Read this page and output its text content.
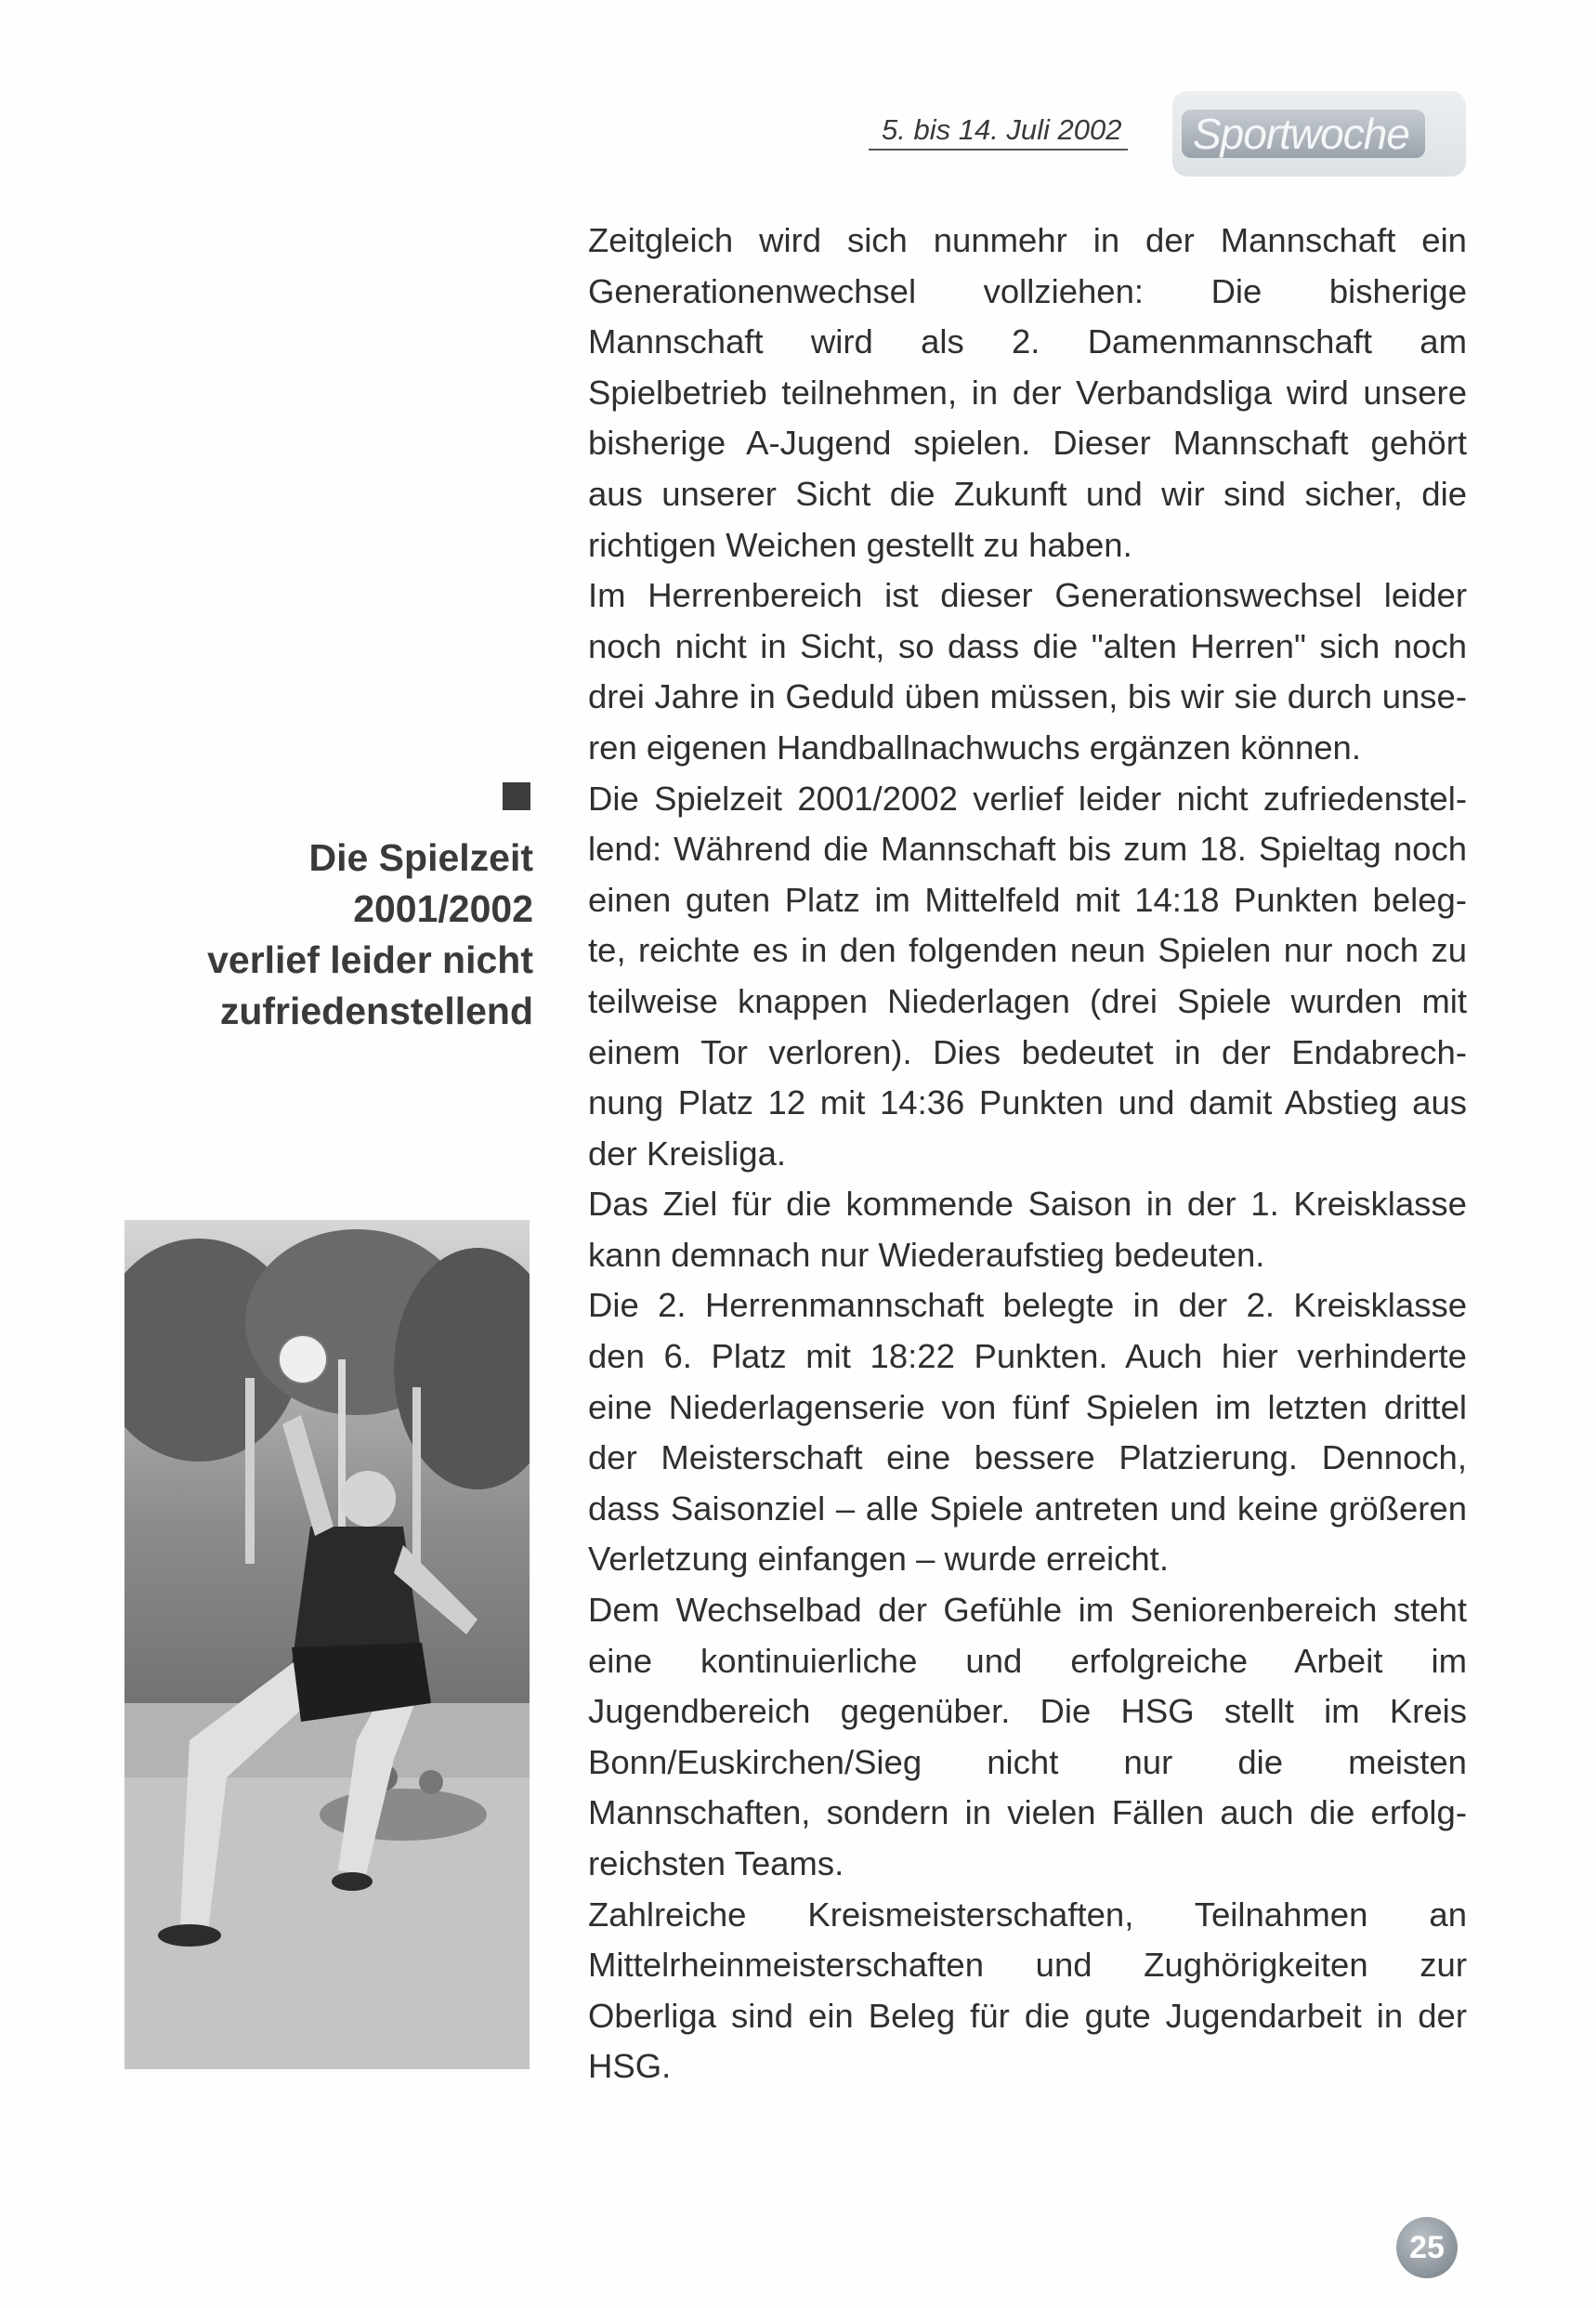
5. bis 14. Juli 2002 Sportwoche
Die Spielzeit
2001/2002
verlief leider nicht
zufriedenstellend
Zeitgleich wird sich nunmehr in der Mannschaft ein
Generationenwechsel vollziehen: Die bisherige
Mannschaft wird als 2. Damenmannschaft am
Spielbetrieb teilnehmen, in der Verbandsliga wird unsere
bisherige A-Jugend spielen. Dieser Mannschaft gehört
aus unserer Sicht die Zukunft und wir sind sicher, die
richtigen Weichen gestellt zu haben.
Im Herrenbereich ist dieser Generationswechsel leider
noch nicht in Sicht, so dass die "alten Herren" sich noch
drei Jahre in Geduld üben müssen, bis wir sie durch unse-
ren eigenen Handballnachwuchs ergänzen können.
Die Spielzeit 2001/2002 verlief leider nicht zufriedenstel-
lend: Während die Mannschaft bis zum 18. Spieltag noch
einen guten Platz im Mittelfeld mit 14:18 Punkten beleg-
te, reichte es in den folgenden neun Spielen nur noch zu
teilweise knappen Niederlagen (drei Spiele wurden mit
einem Tor verloren). Dies bedeutet in der Endabrech-
nung Platz 12 mit 14:36 Punkten und damit Abstieg aus
der Kreisliga.
Das Ziel für die kommende Saison in der 1. Kreisklasse
kann demnach nur Wiederaufstieg bedeuten.
Die 2. Herrenmannschaft belegte in der 2. Kreisklasse
den 6. Platz mit 18:22 Punkten. Auch hier verhinderte
eine Niederlagenserie von fünf Spielen im letzten drittel
der Meisterschaft eine bessere Platzierung. Dennoch,
dass Saisonziel – alle Spiele antreten und keine größeren
Verletzung einfangen – wurde erreicht.
Dem Wechselbad der Gefühle im Seniorenbereich steht
eine kontinuierliche und erfolgreiche Arbeit im
Jugendbereich gegenüber. Die HSG stellt im Kreis
Bonn/Euskirchen/Sieg nicht nur die meisten
Mannschaften, sondern in vielen Fällen auch die erfolg-
reichsten Teams.
Zahlreiche Kreismeisterschaften, Teilnahmen an
Mittelrheinmeisterschaften und Zughörigkeiten zur
Oberliga sind ein Beleg für die gute Jugendarbeit in der
HSG.
25
